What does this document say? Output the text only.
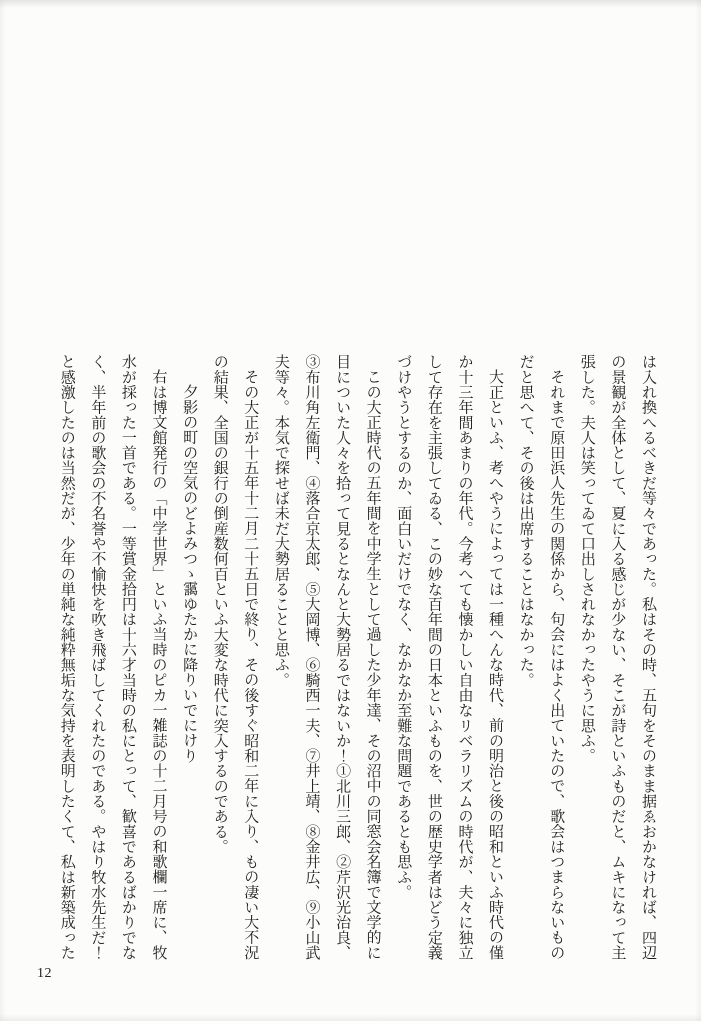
は入れ換へるべきだ等々であった。私はその時、五句をそのまま据ゑおかなければ、四辺の景観が全体として、夏に入る感じが少ない、そこが詩といふものだと、ムキになって主張した。夫人は笑ってゐて口出しされなかったやうに思ふ。

それまで原田浜人先生の関係から、句会にはよく出ていたので、歌会はつまらないものだと思へて、その後は出席することはなかった。

大正といふ、考へやうによっては一種へんな時代、前の明治と後の昭和といふ時代の僅か十三年間あまりの年代。今考へても懐かしい自由なリベラリズムの時代が、夫々に独立して存在を主張してゐる、この妙な百年間の日本といふものを、世の歴史学者はどう定義づけやうとするのか、面白いだけでなく、なかなか至難な問題であるとも思ふ。

この大正時代の五年間を中学生として過した少年達、その沼中の同窓会名簿で文学的に目についた人々を拾って見るとなんと大勢居るではないか！①北川三郎、②芹沢光治良、③布川角左衛門、④落合京太郎、⑤大岡博、⑥騎西一夫、⑦井上靖、⑧金井広、⑨小山武夫等々。本気で探せば未だ大勢居ることと思ふ。

その大正が十五年十二月二十五日で終り、その後すぐ昭和二年に入り、もの凄い大不況の結果、全国の銀行の倒産数何百といふ大変な時代に突入するのである。

夕影の町の空気のどよみつゝ靄ゆたかに降りいでにけり

右は博文館発行の「中学世界」といふ当時のピカ一雑誌の十二月号の和歌欄一席に、牧水が採った一首である。一等賞金拾円は十六才当時の私にとって、歓喜であるばかりでなく、半年前の歌会の不名誉や不愉快を吹き飛ばしてくれたのである。やはり牧水先生だ！と感激したのは当然だが、少年の単純な純粋無垢な気持を表明したくて、私は新築成った

12
